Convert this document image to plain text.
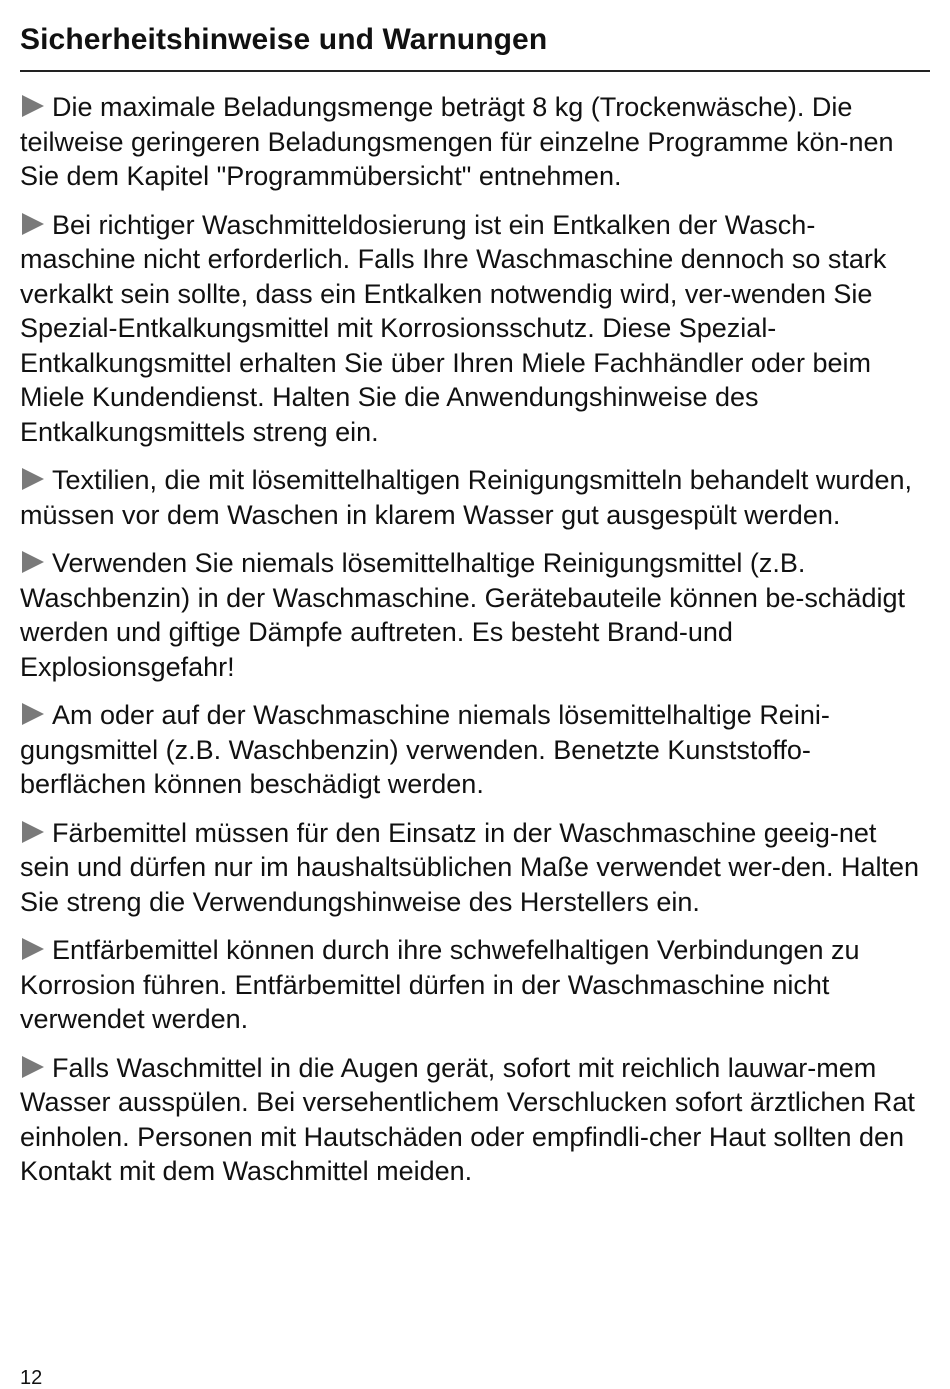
Sicherheitshinweise und Warnungen
Die maximale Beladungsmenge beträgt 8 kg (Trockenwäsche). Die teilweise geringeren Beladungsmengen für einzelne Programme kön-nen Sie dem Kapitel "Programmübersicht" entnehmen.
Bei richtiger Waschmitteldosierung ist ein Entkalken der Wasch-maschine nicht erforderlich. Falls Ihre Waschmaschine dennoch so stark verkalkt sein sollte, dass ein Entkalken notwendig wird, ver-wenden Sie Spezial-Entkalkungsmittel mit Korrosionsschutz. Diese Spezial-Entkalkungsmittel erhalten Sie über Ihren Miele Fachhändler oder beim Miele Kundendienst. Halten Sie die Anwendungshinweise des Entkalkungsmittels streng ein.
Textilien, die mit lösemittelhaltigen Reinigungsmitteln behandelt wurden, müssen vor dem Waschen in klarem Wasser gut ausgespült werden.
Verwenden Sie niemals lösemittelhaltige Reinigungsmittel (z.B. Waschbenzin) in der Waschmaschine. Gerätebauteile können be-schädigt werden und giftige Dämpfe auftreten. Es besteht Brand-und Explosionsgefahr!
Am oder auf der Waschmaschine niemals lösemittelhaltige Reini-gungsmittel (z.B. Waschbenzin) verwenden. Benetzte Kunststoffo-berflächen können beschädigt werden.
Färbemittel müssen für den Einsatz in der Waschmaschine geeig-net sein und dürfen nur im haushaltsüblichen Maße verwendet wer-den. Halten Sie streng die Verwendungshinweise des Herstellers ein.
Entfärbemittel können durch ihre schwefelhaltigen Verbindungen zu Korrosion führen. Entfärbemittel dürfen in der Waschmaschine nicht verwendet werden.
Falls Waschmittel in die Augen gerät, sofort mit reichlich lauwar-mem Wasser ausspülen. Bei versehentlichem Verschlucken sofort ärztlichen Rat einholen. Personen mit Hautschäden oder empfindli-cher Haut sollten den Kontakt mit dem Waschmittel meiden.
12
